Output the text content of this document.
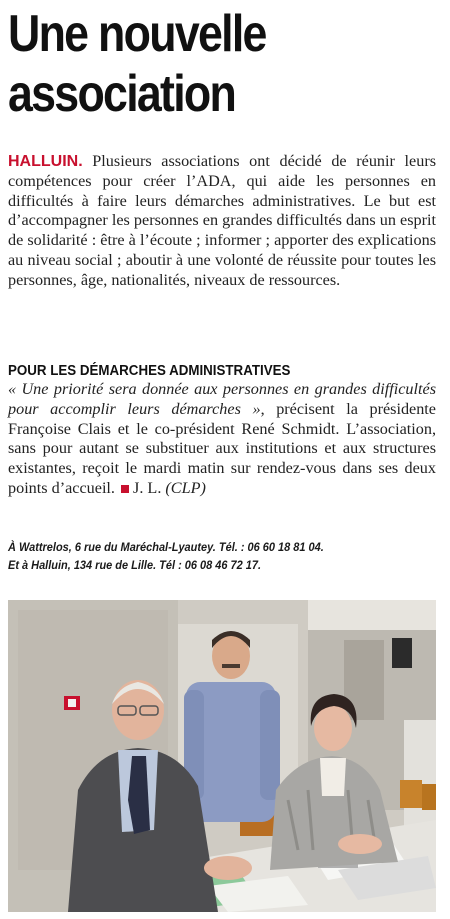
Une nouvelle
association

HALLUIN. Plusieurs associations ont décidé de réunir leurs compétences pour créer l’ADA, qui aide les personnes en difficultés à faire leurs démarches administratives. Le but est d’accompagner les personnes en grandes difficultés dans un esprit de solidarité : être à l’écoute ; informer ; apporter des explications au niveau social ; aboutir à une volonté de réussite pour toutes les personnes, âge, nationalités, niveaux de ressources.

POUR LES DÉMARCHES ADMINISTRATIVES

« Une priorité sera donnée aux personnes en grandes difficultés pour accomplir leurs démarches », précisent la présidente Françoise Clais et le co-président René Schmidt. L’association, sans pour autant se substituer aux institutions et aux structures existantes, reçoit le mardi matin sur rendez-vous dans ses deux points d’accueil. J. L. (CLP)

À Wattrelos, 6 rue du Maréchal-Lyautey. Tél. : 06 60 18 81 04.
Et à Halluin, 134 rue de Lille. Tél : 06 08 46 72 17.
